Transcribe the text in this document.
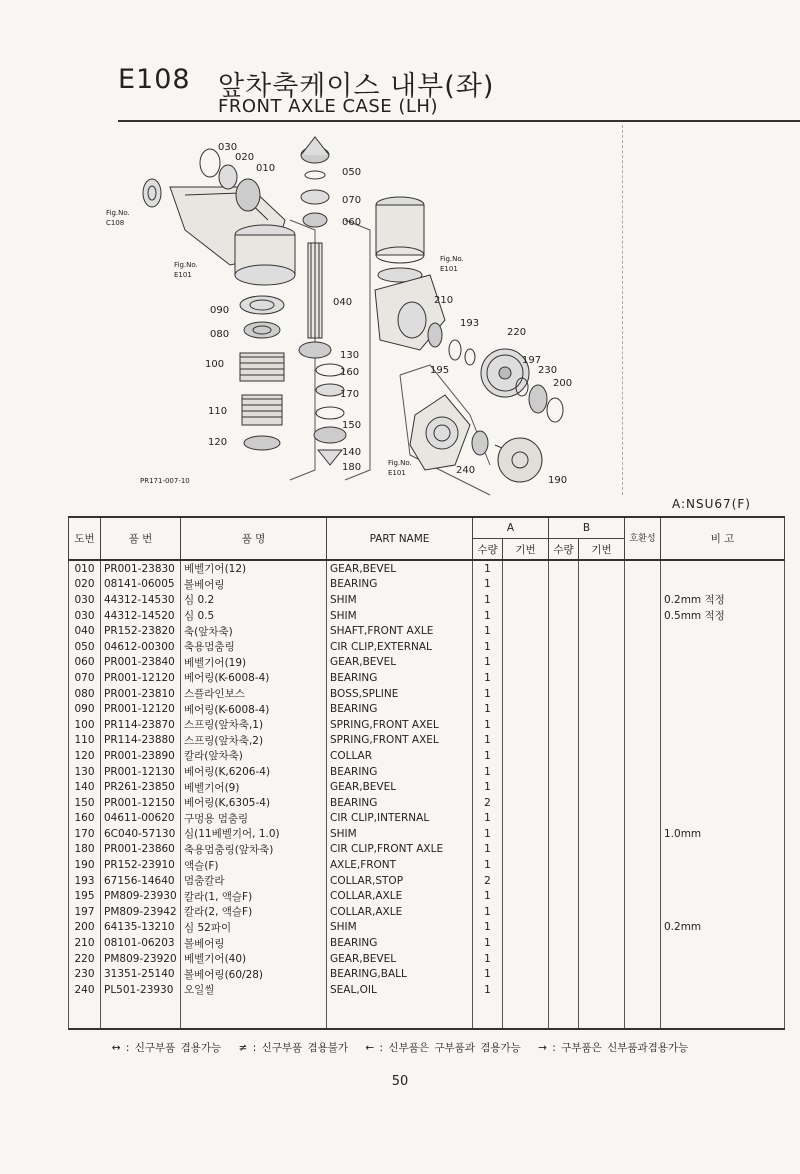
E108 앞차축케이스 내부(좌)
FRONT AXLE CASE (LH)
030
020
010	050
070
060
040
090
080
100
110
120
130
160
170
150
140
180
210
193
220
195
197
230
200
240
190
Fig.No.
C108
Fig.No.
E101
Fig.No.
E101
Fig.No.
E101
PR171-007-10
A:NSU67(F)
도번	품 번	품 명	PART NAME	A		B		호환성	비 고
				수량	기번	수량	기번		
010	PR001-23830	베벨기어(12)	GEAR,BEVEL	1					
020	08141-06005	볼베어링	BEARING	1					
030	44312-14530	심 0.2	SHIM	1					0.2mm 적정
030	44312-14520	심 0.5	SHIM	1					0.5mm 적정
040	PR152-23820	축(앞차축)	SHAFT,FRONT AXLE	1					
050	04612-00300	축용멈춤링	CIR CLIP,EXTERNAL	1					
060	PR001-23840	베벨기어(19)	GEAR,BEVEL	1					
070	PR001-12120	베어링(K-6008-4)	BEARING	1					
080	PR001-23810	스플라인보스	BOSS,SPLINE	1					
090	PR001-12120	베어링(K-6008-4)	BEARING	1					
100	PR114-23870	스프링(앞차축,1)	SPRING,FRONT AXEL	1					
110	PR114-23880	스프링(앞차축,2)	SPRING,FRONT AXEL	1					
120	PR001-23890	칼라(앞차축)	COLLAR	1					
130	PR001-12130	베어링(K,6206-4)	BEARING	1					
140	PR261-23850	베벨기어(9)	GEAR,BEVEL	1					
150	PR001-12150	베어링(K,6305-4)	BEARING	2					
160	04611-00620	구멍용 멈춤링	CIR CLIP,INTERNAL	1					
170	6C040-57130	심(11베벨기어, 1.0)	SHIM	1					1.0mm
180	PR001-23860	축용멈춤링(앞차축)	CIR CLIP,FRONT AXLE	1					
190	PR152-23910	액슬(F)	AXLE,FRONT	1					
193	67156-14640	멈춤칼라	COLLAR,STOP	2					
195	PM809-23930	칼라(1, 액슬F)	COLLAR,AXLE	1					
197	PM809-23942	칼라(2, 액슬F)	COLLAR,AXLE	1					
200	64135-13210	심 52파이	SHIM	1					0.2mm
210	08101-06203	볼베어링	BEARING	1					
220	PM809-23920	베벨기어(40)	GEAR,BEVEL	1					
230	31351-25140	볼베어링(60/28)	BEARING,BALL	1					
240	PL501-23930	오일씰	SEAL,OIL	1					

↔ : 신구부품 겸용가능 ≠ : 신구부품 겸용불가 ← : 신부품은 구부품과 겸용가능 → : 구부품은 신부품과겸용가능
50
